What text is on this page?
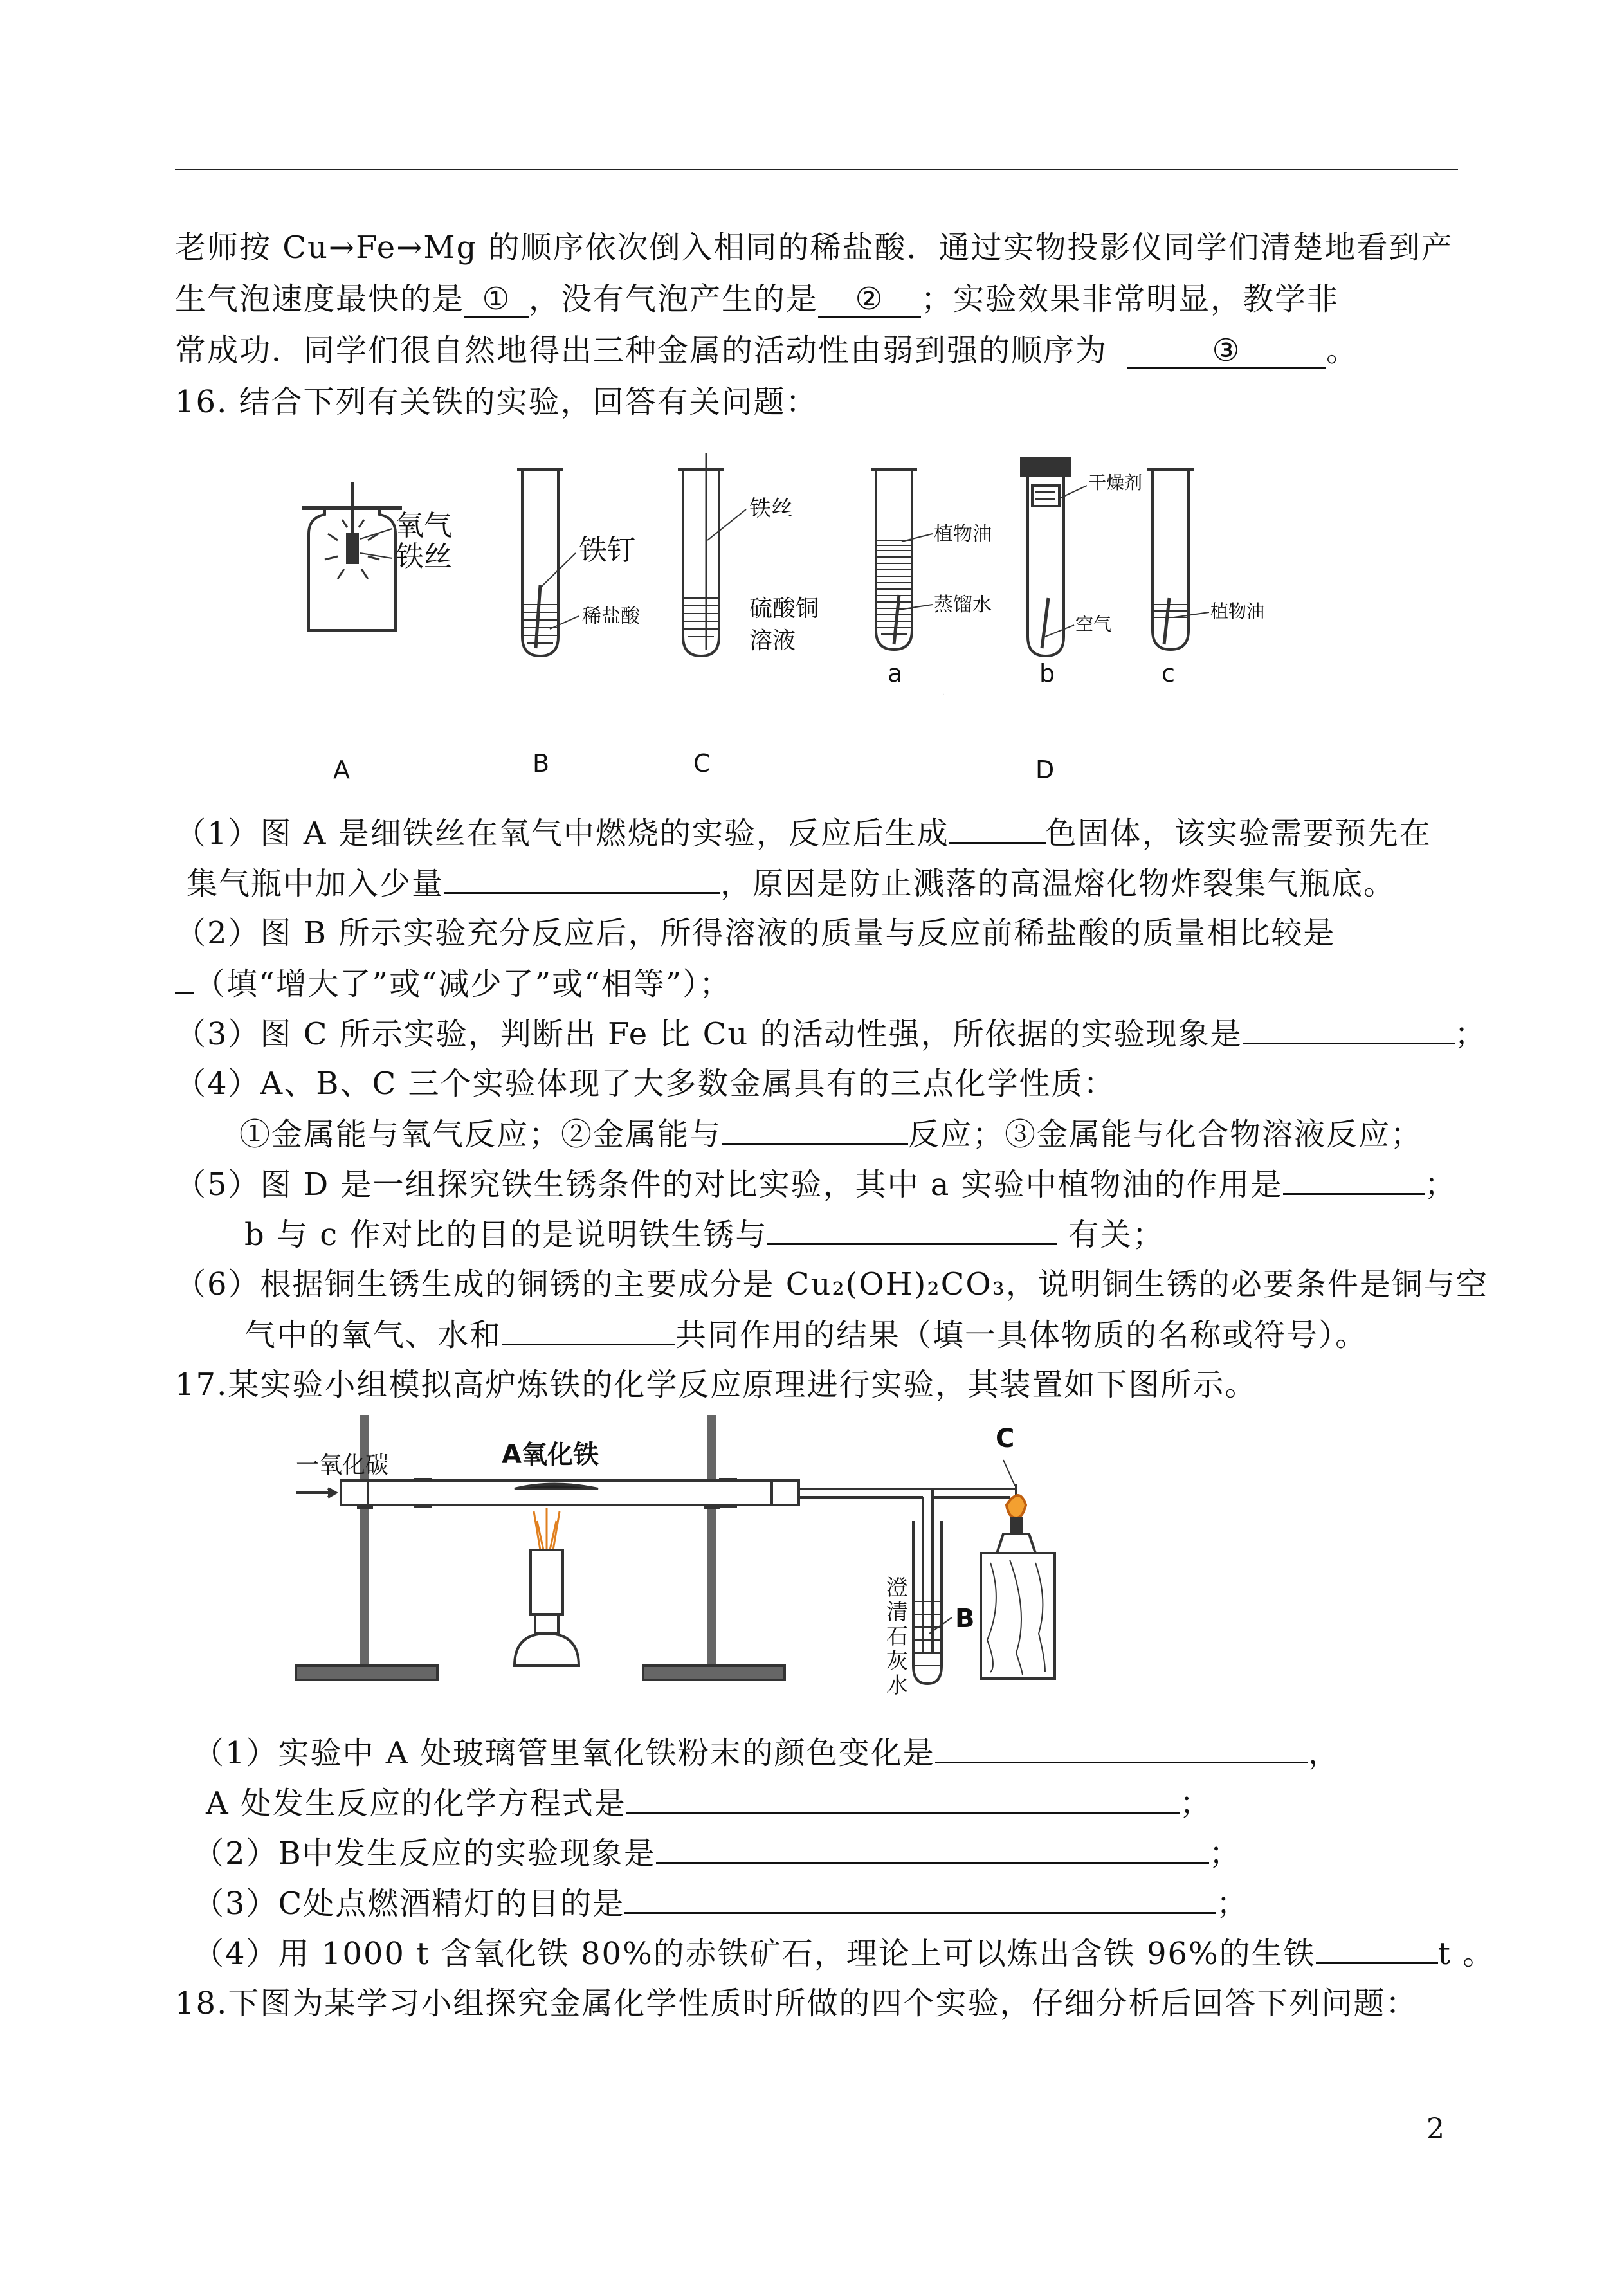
老师按 Cu→Fe→Mg 的顺序依次倒入相同的稀盐酸．通过实物投影仪同学们清楚地看到产
生气泡速度最快的是 ① ，没有气泡产生的是 ② ；实验效果非常明显，教学非
常成功．同学们很自然地得出三种金属的活动性由弱到强的顺序为	③	。
16. 结合下列有关铁的实验，回答有关问题：
氧气
铁丝	铁钉
稀盐酸
铁丝
硫酸铜
溶液
植物油
蒸馏水
干燥剂
空气
植物油
.
A	B	C
a	b	c
D
（1）图 A 是细铁丝在氧气中燃烧的实验，反应后生成	色固体，该实验需要预先在
集气瓶中加入少量	，原因是防止溅落的高温熔化物炸裂集气瓶底。
（2）图 B 所示实验充分反应后，所得溶液的质量与反应前稀盐酸的质量相比较是
（填“增大了”或“减少了”或“相等”）；
（3）图 C 所示实验，判断出 Fe 比 Cu 的活动性强，所依据的实验现象是	；
（4）A、B、C 三个实验体现了大多数金属具有的三点化学性质：
①金属能与氧气反应；②金属能与	反应；③金属能与化合物溶液反应；
（5）图 D 是一组探究铁生锈条件的对比实验，其中 a 实验中植物油的作用是	；
b 与 c 作对比的目的是说明铁生锈与	有关；
（6）根据铜生锈生成的铜锈的主要成分是 Cu₂(OH)₂CO₃，说明铜生锈的必要条件是铜与空
气中的氧气、水和	共同作用的结果（填一具体物质的名称或符号）。
17.某实验小组模拟高炉炼铁的化学反应原理进行实验，其装置如下图所示。
一氧化碳	A氧化铁
C
B
澄
清
石
灰
水
（1）实验中 A 处玻璃管里氧化铁粉末的颜色变化是	，
A 处发生反应的化学方程式是	；
（2）B中发生反应的实验现象是	；
（3）C处点燃酒精灯的目的是	；
（4）用 1000 t 含氧化铁 80%的赤铁矿石，理论上可以炼出含铁 96%的生铁	t 。
18.下图为某学习小组探究金属化学性质时所做的四个实验，仔细分析后回答下列问题：
2
